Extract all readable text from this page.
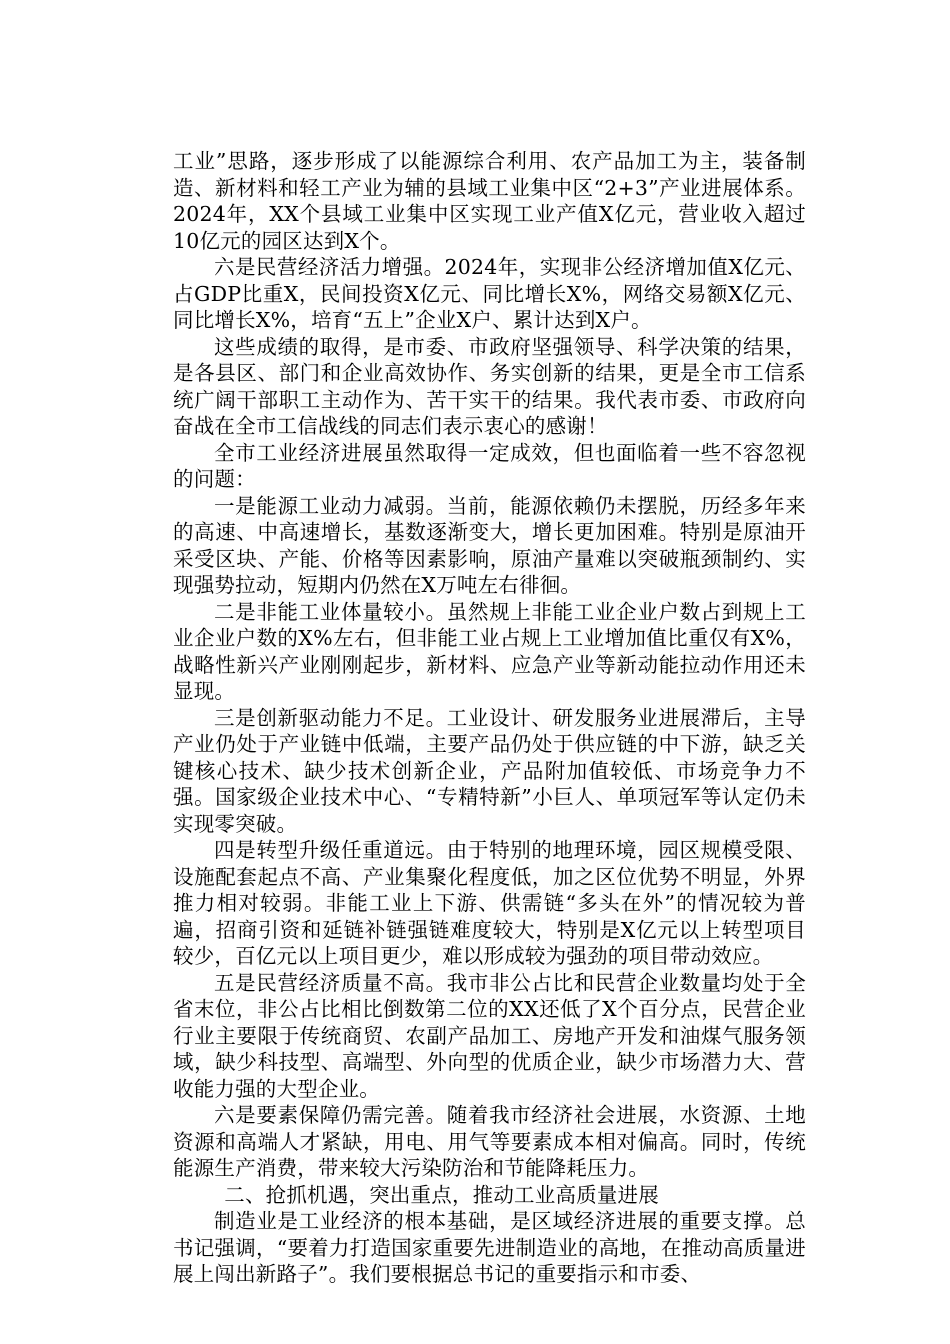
工业”思路，逐步形成了以能源综合利用、农产品加工为主，装备制造、新材料和轻工产业为辅的县域工业集中区“2+3”产业进展体系。2024年，XX个县域工业集中区实现工业产值X亿元，营业收入超过10亿元的园区达到X个。

六是民营经济活力增强。2024年，实现非公经济增加值X亿元、占GDP比重X，民间投资X亿元、同比增长X%，网络交易额X亿元、同比增长X%，培育“五上”企业X户、累计达到X户。

这些成绩的取得，是市委、市政府坚强领导、科学决策的结果，是各县区、部门和企业高效协作、务实创新的结果，更是全市工信系统广阔干部职工主动作为、苦干实干的结果。我代表市委、市政府向奋战在全市工信战线的同志们表示衷心的感谢！

全市工业经济进展虽然取得一定成效，但也面临着一些不容忽视的问题：

一是能源工业动力减弱。当前，能源依赖仍未摆脱，历经多年来的高速、中高速增长，基数逐渐变大，增长更加困难。特别是原油开采受区块、产能、价格等因素影响，原油产量难以突破瓶颈制约、实现强势拉动，短期内仍然在X万吨左右徘徊。

二是非能工业体量较小。虽然规上非能工业企业户数占到规上工业企业户数的X%左右，但非能工业占规上工业增加值比重仅有X%，战略性新兴产业刚刚起步，新材料、应急产业等新动能拉动作用还未显现。

三是创新驱动能力不足。工业设计、研发服务业进展滞后，主导产业仍处于产业链中低端，主要产品仍处于供应链的中下游，缺乏关键核心技术、缺少技术创新企业，产品附加值较低、市场竞争力不强。国家级企业技术中心、“专精特新”小巨人、单项冠军等认定仍未实现零突破。

四是转型升级任重道远。由于特别的地理环境，园区规模受限、设施配套起点不高、产业集聚化程度低，加之区位优势不明显，外界推力相对较弱。非能工业上下游、供需链“多头在外”的情况较为普遍，招商引资和延链补链强链难度较大，特别是X亿元以上转型项目较少，百亿元以上项目更少，难以形成较为强劲的项目带动效应。

五是民营经济质量不高。我市非公占比和民营企业数量均处于全省末位，非公占比相比倒数第二位的XX还低了X个百分点，民营企业行业主要限于传统商贸、农副产品加工、房地产开发和油煤气服务领域，缺少科技型、高端型、外向型的优质企业，缺少市场潜力大、营收能力强的大型企业。

六是要素保障仍需完善。随着我市经济社会进展，水资源、土地资源和高端人才紧缺，用电、用气等要素成本相对偏高。同时，传统能源生产消费，带来较大污染防治和节能降耗压力。

二、抢抓机遇，突出重点，推动工业高质量进展

制造业是工业经济的根本基础，是区域经济进展的重要支撑。总书记强调，“要着力打造国家重要先进制造业的高地，在推动高质量进展上闯出新路子”。我们要根据总书记的重要指示和市委、
